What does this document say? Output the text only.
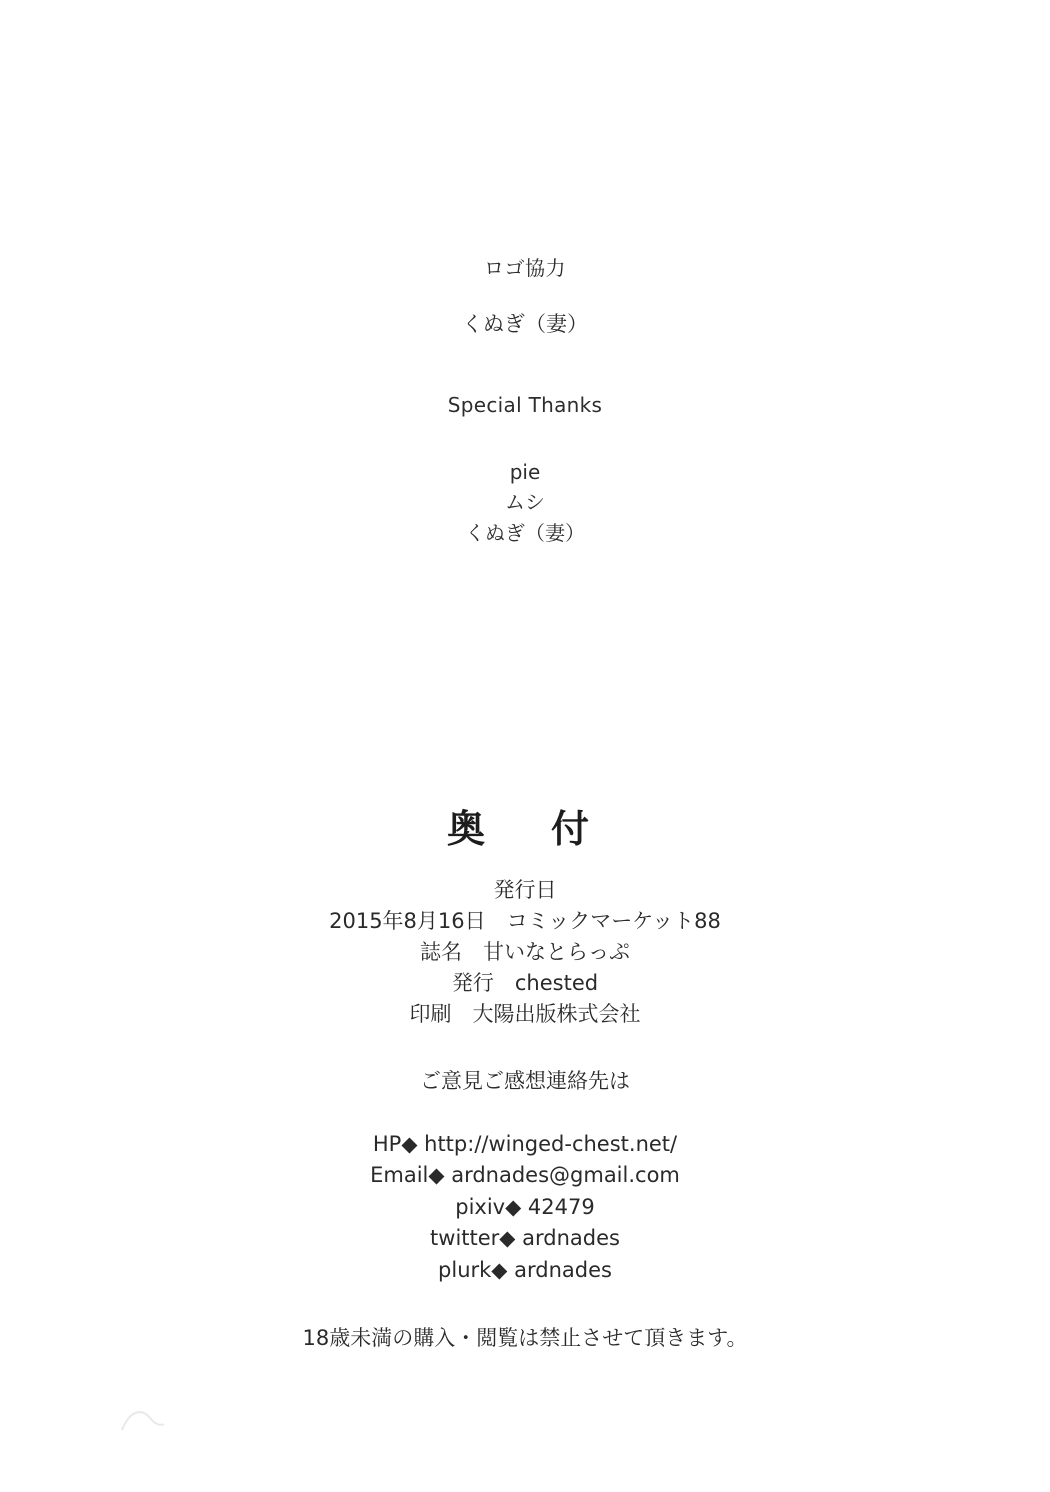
ロゴ協力
くぬぎ（妻）
Special Thanks
pie
ムシ
くぬぎ（妻）
奥　付
発行日
2015年8月16日　コミックマーケット88
誌名　甘いなとらっぷ
発行　chested
印刷　大陽出版株式会社
ご意見ご感想連絡先は
HP◆ http://winged-chest.net/
Email◆ ardnades@gmail.com
pixiv◆ 42479
twitter◆ ardnades
plurk◆ ardnades
18歳未満の購入・閲覧は禁止させて頂きます。
